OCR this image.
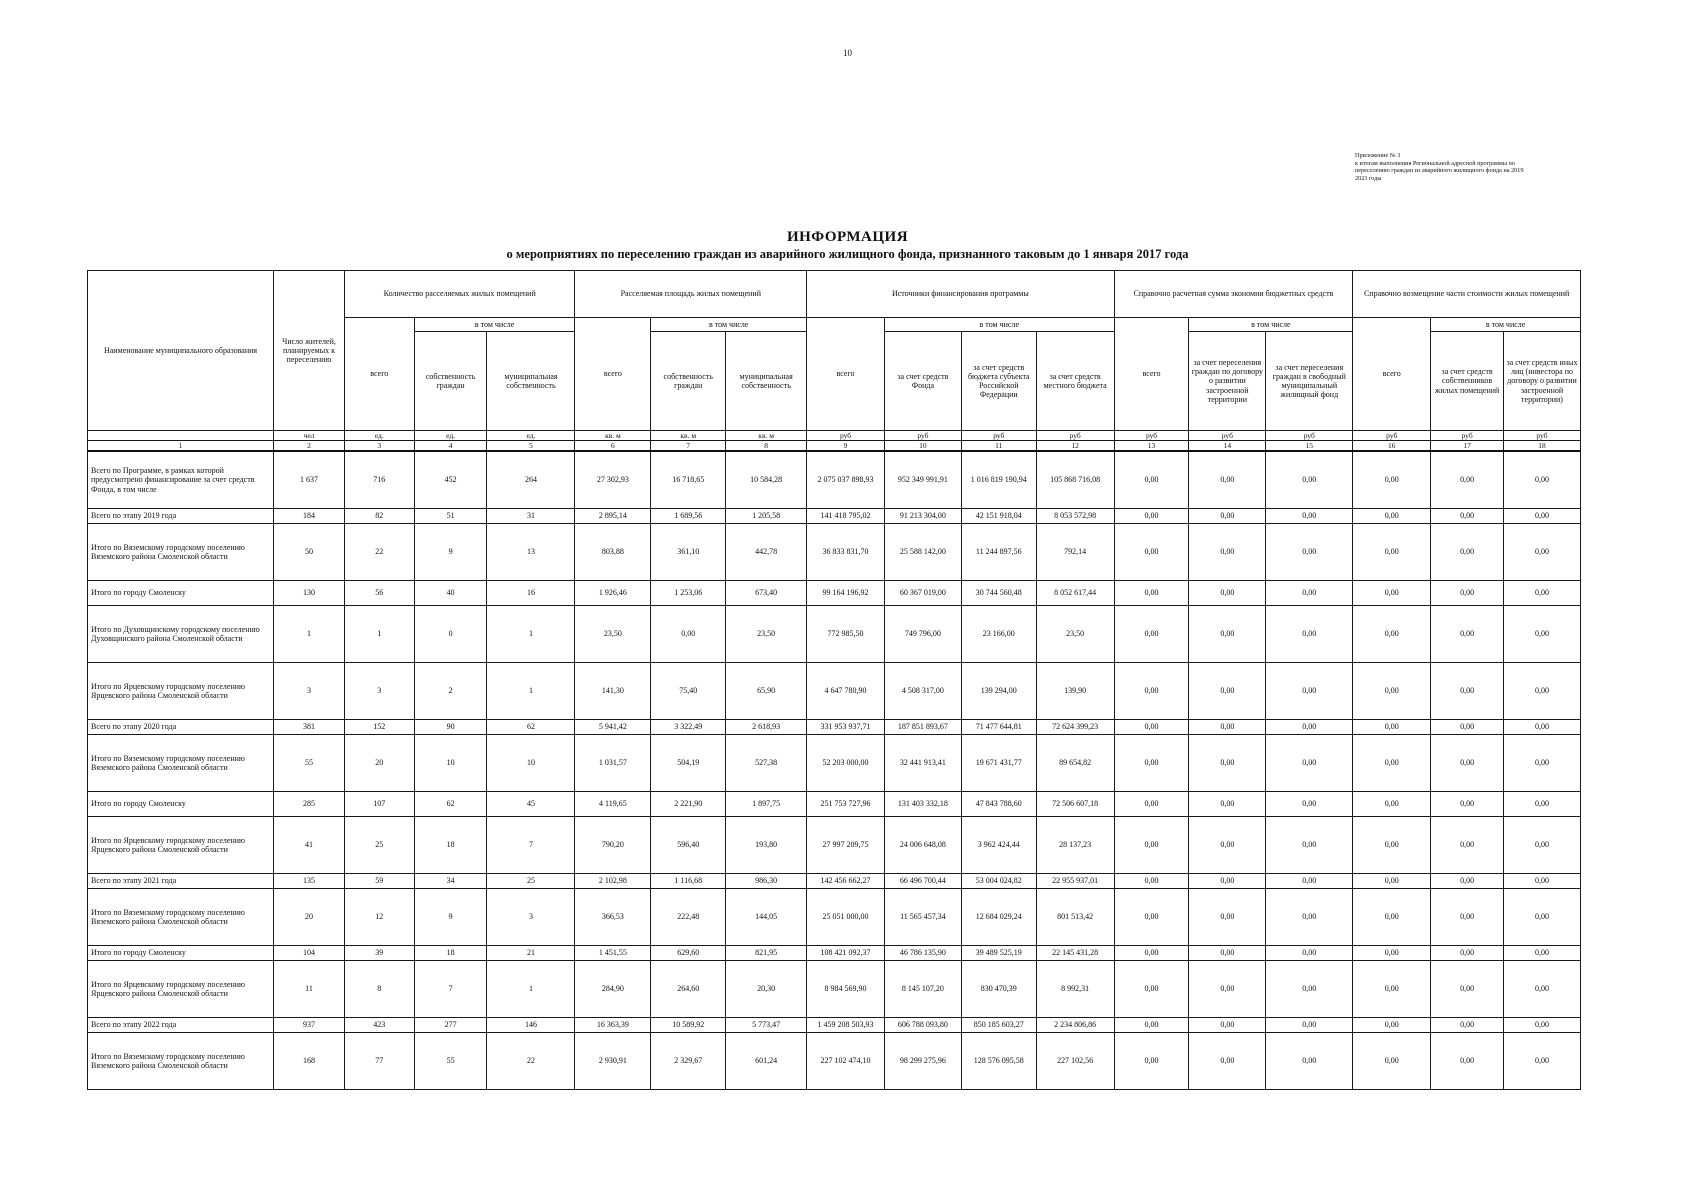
10
Приложение № 3
к итогам выполнения Региональной адресной программы по
переселению граждан из аварийного жилищного фонда на 2019
2023 годы
ИНФОРМАЦИЯ
о мероприятиях по переселению граждан из аварийного жилищного фонда, признанного таковым до 1 января 2017 года
Наименование муниципального образования	Число жителей, планируемых к переселению	Количество расселяемых жилых помещений			Расселяемая площадь жилых помещений			Источники финансирования программы				Справочно расчетная сумма экономии бюджетных средств			Справочно возмещение части стоимости жилых помещений		
		всего	в том числе		всего	в том числе		всего	в том числе			всего	в том числе		всего	в том числе	
			собственность граждан	муниципальная собственность		собственность граждан	муниципальная собственность		за счет средств Фонда	за счет средств бюджета субъекта Российской Федерации	за счет средств местного бюджета		за счет переселения граждан по договору о развитии застроенной территории	за счет переселения граждан в свободный муниципальный жилищный фонд		за счет средств собственников жилых помещений	за счет средств иных лиц (инвестора по договору о развитии застроенной территории)
	чел	ед.	ед.	ед.	кв. м	кв. м	кв. м	руб	руб	руб	руб	руб	руб	руб	руб	руб	руб
1	2	3	4	5	6	7	8	9	10	11	12	13	14	15	16	17	18
Всего по Программе, в рамках которой предусмотрено финансирование за счет средств Фонда, в том числе	1 637	716	452	264	27 302,93	16 718,65	10 584,28	2 075 037 898,93	952 349 991,91	1 016 819 190,94	105 868 716,08	0,00	0,00	0,00	0,00	0,00	0,00
Всего по этапу 2019 года	184	82	51	31	2 895,14	1 689,56	1 205,58	141 418 795,02	91 213 304,00	42 151 918,04	8 053 572,98	0,00	0,00	0,00	0,00	0,00	0,00
Итого по Вяземскому городскому поселению Вяземского района Смоленской области	50	22	9	13	803,88	361,10	442,78	36 833 831,70	25 588 142,00	11 244 897,56	792,14	0,00	0,00	0,00	0,00	0,00	0,00
Итого по городу Смоленску	130	56	40	16	1 926,46	1 253,06	673,40	99 164 196,92	60 367 019,00	30 744 560,48	8 052 617,44	0,00	0,00	0,00	0,00	0,00	0,00
Итого по Духовщинскому городскому поселению Духовщинского района Смоленской области	1	1	0	1	23,50	0,00	23,50	772 985,50	749 796,00	23 166,00	23,50	0,00	0,00	0,00	0,00	0,00	0,00
Итого по Ярцевскому городскому поселению Ярцевского района Смоленской области	3	3	2	1	141,30	75,40	65,90	4 647 780,90	4 508 317,00	139 294,00	139,90	0,00	0,00	0,00	0,00	0,00	0,00
Всего по этапу 2020 года	381	152	90	62	5 941,42	3 322,49	2 618,93	331 953 937,71	187 851 893,67	71 477 644,81	72 624 399,23	0,00	0,00	0,00	0,00	0,00	0,00
Итого по Вяземскому городскому поселению Вяземского района Смоленской области	55	20	10	10	1 031,57	504,19	527,38	52 203 000,00	32 441 913,41	19 671 431,77	89 654,82	0,00	0,00	0,00	0,00	0,00	0,00
Итого по городу Смоленску	285	107	62	45	4 119,65	2 221,90	1 897,75	251 753 727,96	131 403 332,18	47 843 788,60	72 506 607,18	0,00	0,00	0,00	0,00	0,00	0,00
Итого по Ярцевскому городскому поселению Ярцевского района Смоленской области	41	25	18	7	790,20	596,40	193,80	27 997 209,75	24 006 648,08	3 962 424,44	28 137,23	0,00	0,00	0,00	0,00	0,00	0,00
Всего по этапу 2021 года	135	59	34	25	2 102,98	1 116,68	986,30	142 456 662,27	66 496 700,44	53 004 024,82	22 955 937,01	0,00	0,00	0,00	0,00	0,00	0,00
Итого по Вяземскому городскому поселению Вяземского района Смоленской области	20	12	9	3	366,53	222,48	144,05	25 051 000,00	11 565 457,34	12 684 029,24	801 513,42	0,00	0,00	0,00	0,00	0,00	0,00
Итого по городу Смоленску	104	39	18	21	1 451,55	629,60	821,95	108 421 092,37	46 786 135,90	39 489 525,19	22 145 431,28	0,00	0,00	0,00	0,00	0,00	0,00
Итого по Ярцевскому городскому поселению Ярцевского района Смоленской области	11	8	7	1	284,90	264,60	20,30	8 984 569,90	8 145 107,20	830 470,39	8 992,31	0,00	0,00	0,00	0,00	0,00	0,00
Всего по этапу 2022 года	937	423	277	146	16 363,39	10 589,92	5 773,47	1 459 208 503,93	606 788 093,80	850 185 603,27	2 234 806,86	0,00	0,00	0,00	0,00	0,00	0,00
Итого по Вяземскому городскому поселению Вяземского района Смоленской области	168	77	55	22	2 930,91	2 329,67	601,24	227 102 474,10	98 299 275,96	128 576 095,58	227 102,56	0,00	0,00	0,00	0,00	0,00	0,00
